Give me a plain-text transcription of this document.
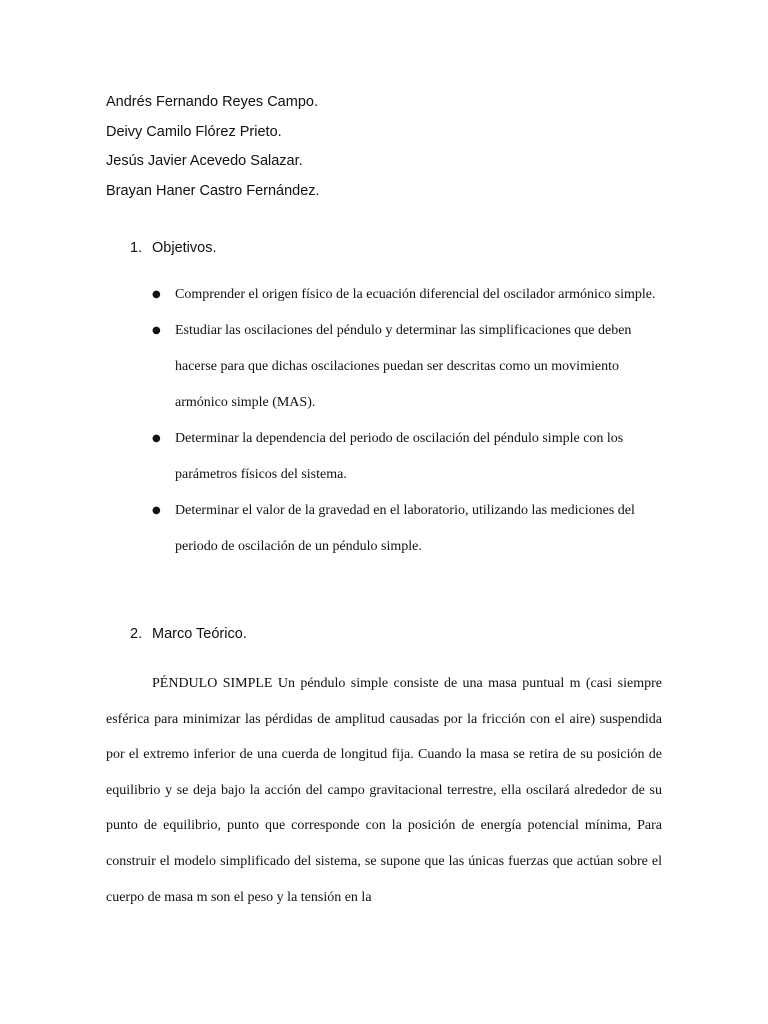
Andrés Fernando Reyes Campo.
Deivy Camilo Flórez Prieto.
Jesús Javier Acevedo Salazar.
Brayan Haner Castro Fernández.
1. Objetivos.
● Comprender el origen físico de la ecuación diferencial del oscilador armónico simple.
● Estudiar las oscilaciones del péndulo y determinar las simplificaciones que deben hacerse para que dichas oscilaciones puedan ser descritas como un movimiento armónico simple (MAS).
● Determinar la dependencia del periodo de oscilación del péndulo simple con los parámetros físicos del sistema.
● Determinar el valor de la gravedad en el laboratorio, utilizando las mediciones del periodo de oscilación de un péndulo simple.
2. Marco Teórico.

PÉNDULO SIMPLE Un péndulo simple consiste de una masa puntual m (casi siempre esférica para minimizar las pérdidas de amplitud causadas por la fricción con el aire) suspendida por el extremo inferior de una cuerda de longitud fija. Cuando la masa se retira de su posición de equilibrio y se deja bajo la acción del campo gravitacional terrestre, ella oscilará alrededor de su punto de equilibrio, punto que corresponde con la posición de energía potencial mínima, Para construir el modelo simplificado del sistema, se supone que las únicas fuerzas que actúan sobre el cuerpo de masa m son el peso y la tensión en la
